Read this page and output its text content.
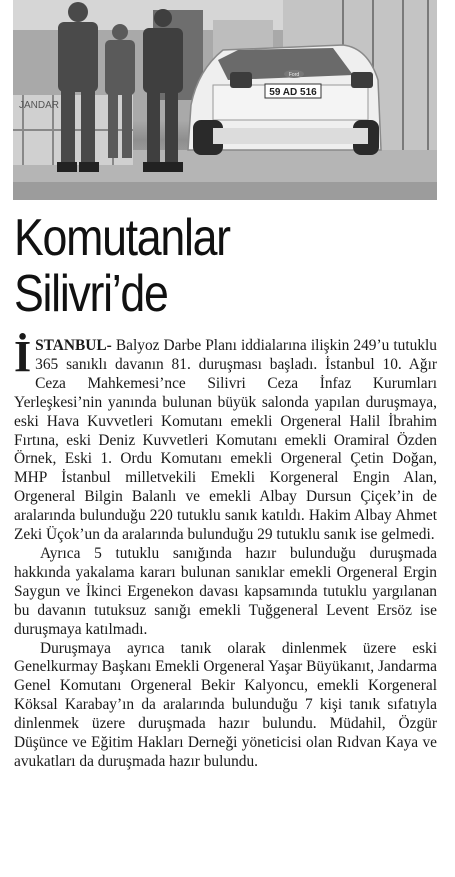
JANDAR
59 AD 516
Ford
Komutanlar
Silivri’de

İSTANBUL- Balyoz Darbe Planı iddialarına ilişkin 249’u tutuklu 365 sanıklı davanın 81. duruşması başladı. İstanbul 10. Ağır Ceza Mahkemesi’nce Silivri Ceza İnfaz Kurumları Yerleşkesi’nin yanında bulunan büyük salonda yapılan duruşmaya, eski Hava Kuvvetleri Komutanı emekli Orgeneral Halil İbrahim Fırtına, eski Deniz Kuvvetleri Komutanı emekli Oramiral Özden Örnek, Eski 1. Ordu Komutanı emekli Orgeneral Çetin Doğan, MHP İstanbul milletvekili Emekli Korgeneral Engin Alan, Orgeneral Bilgin Balanlı ve emekli Albay Dursun Çiçek’in de aralarında bulunduğu 220 tutuklu sanık katıldı. Hakim Albay Ahmet Zeki Üçok’un da aralarında bulunduğu 29 tutuklu sanık ise gelmedi.

Ayrıca 5 tutuklu sanığında hazır bulunduğu duruşmada hakkında yakalama kararı bulunan sanıklar emekli Orgeneral Ergin Saygun ve İkinci Ergenekon davası kapsamında tutuklu yargılanan bu davanın tutuksuz sanığı emekli Tuğgeneral Levent Ersöz ise duruşmaya katılmadı.

Duruşmaya ayrıca tanık olarak dinlenmek üzere eski Genelkurmay Başkanı Emekli Orgeneral Yaşar Büyükanıt, Jandarma Genel Komutanı Orgeneral Bekir Kalyoncu, emekli Korgeneral Köksal Karabay’ın da aralarında bulunduğu 7 kişi tanık sıfatıyla dinlenmek üzere duruşmada hazır bulundu. Müdahil, Özgür Düşünce ve Eğitim Hakları Derneği yöneticisi olan Rıdvan Kaya ve avukatları da duruşmada hazır bulundu.
